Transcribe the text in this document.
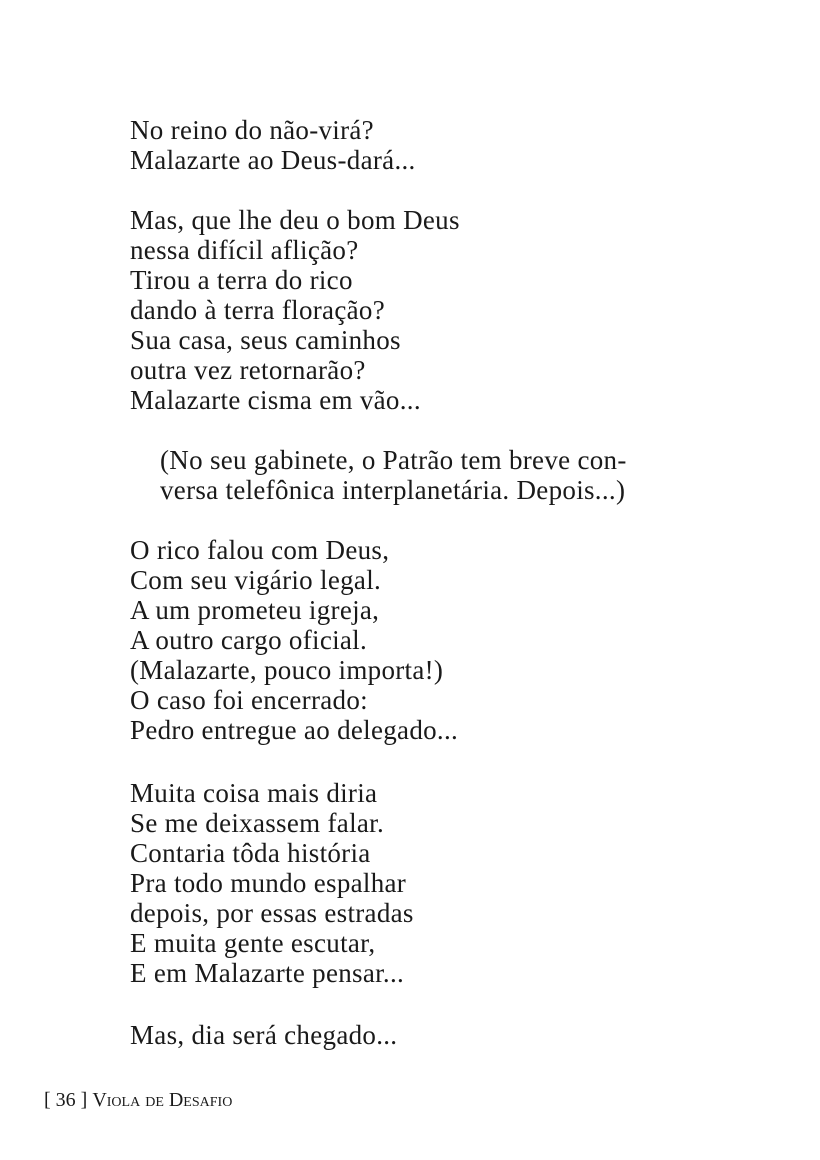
No reino do não-virá?
Malazarte ao Deus-dará...
Mas, que lhe deu o bom Deus
nessa difícil aflição?
Tirou a terra do rico
dando à terra floração?
Sua casa, seus caminhos
outra vez retornarão?
Malazarte cisma em vão...
(No seu gabinete, o Patrão tem breve con-
versa telefônica interplanetária. Depois...)
O rico falou com Deus,
Com seu vigário legal.
A um prometeu igreja,
A outro cargo oficial.
(Malazarte, pouco importa!)
O caso foi encerrado:
Pedro entregue ao delegado...
Muita coisa mais diria
Se me deixassem falar.
Contaria tôda história
Pra todo mundo espalhar
depois, por essas estradas
E muita gente escutar,
E em Malazarte pensar...
Mas, dia será chegado...
[ 36 ] Viola de Desafio
